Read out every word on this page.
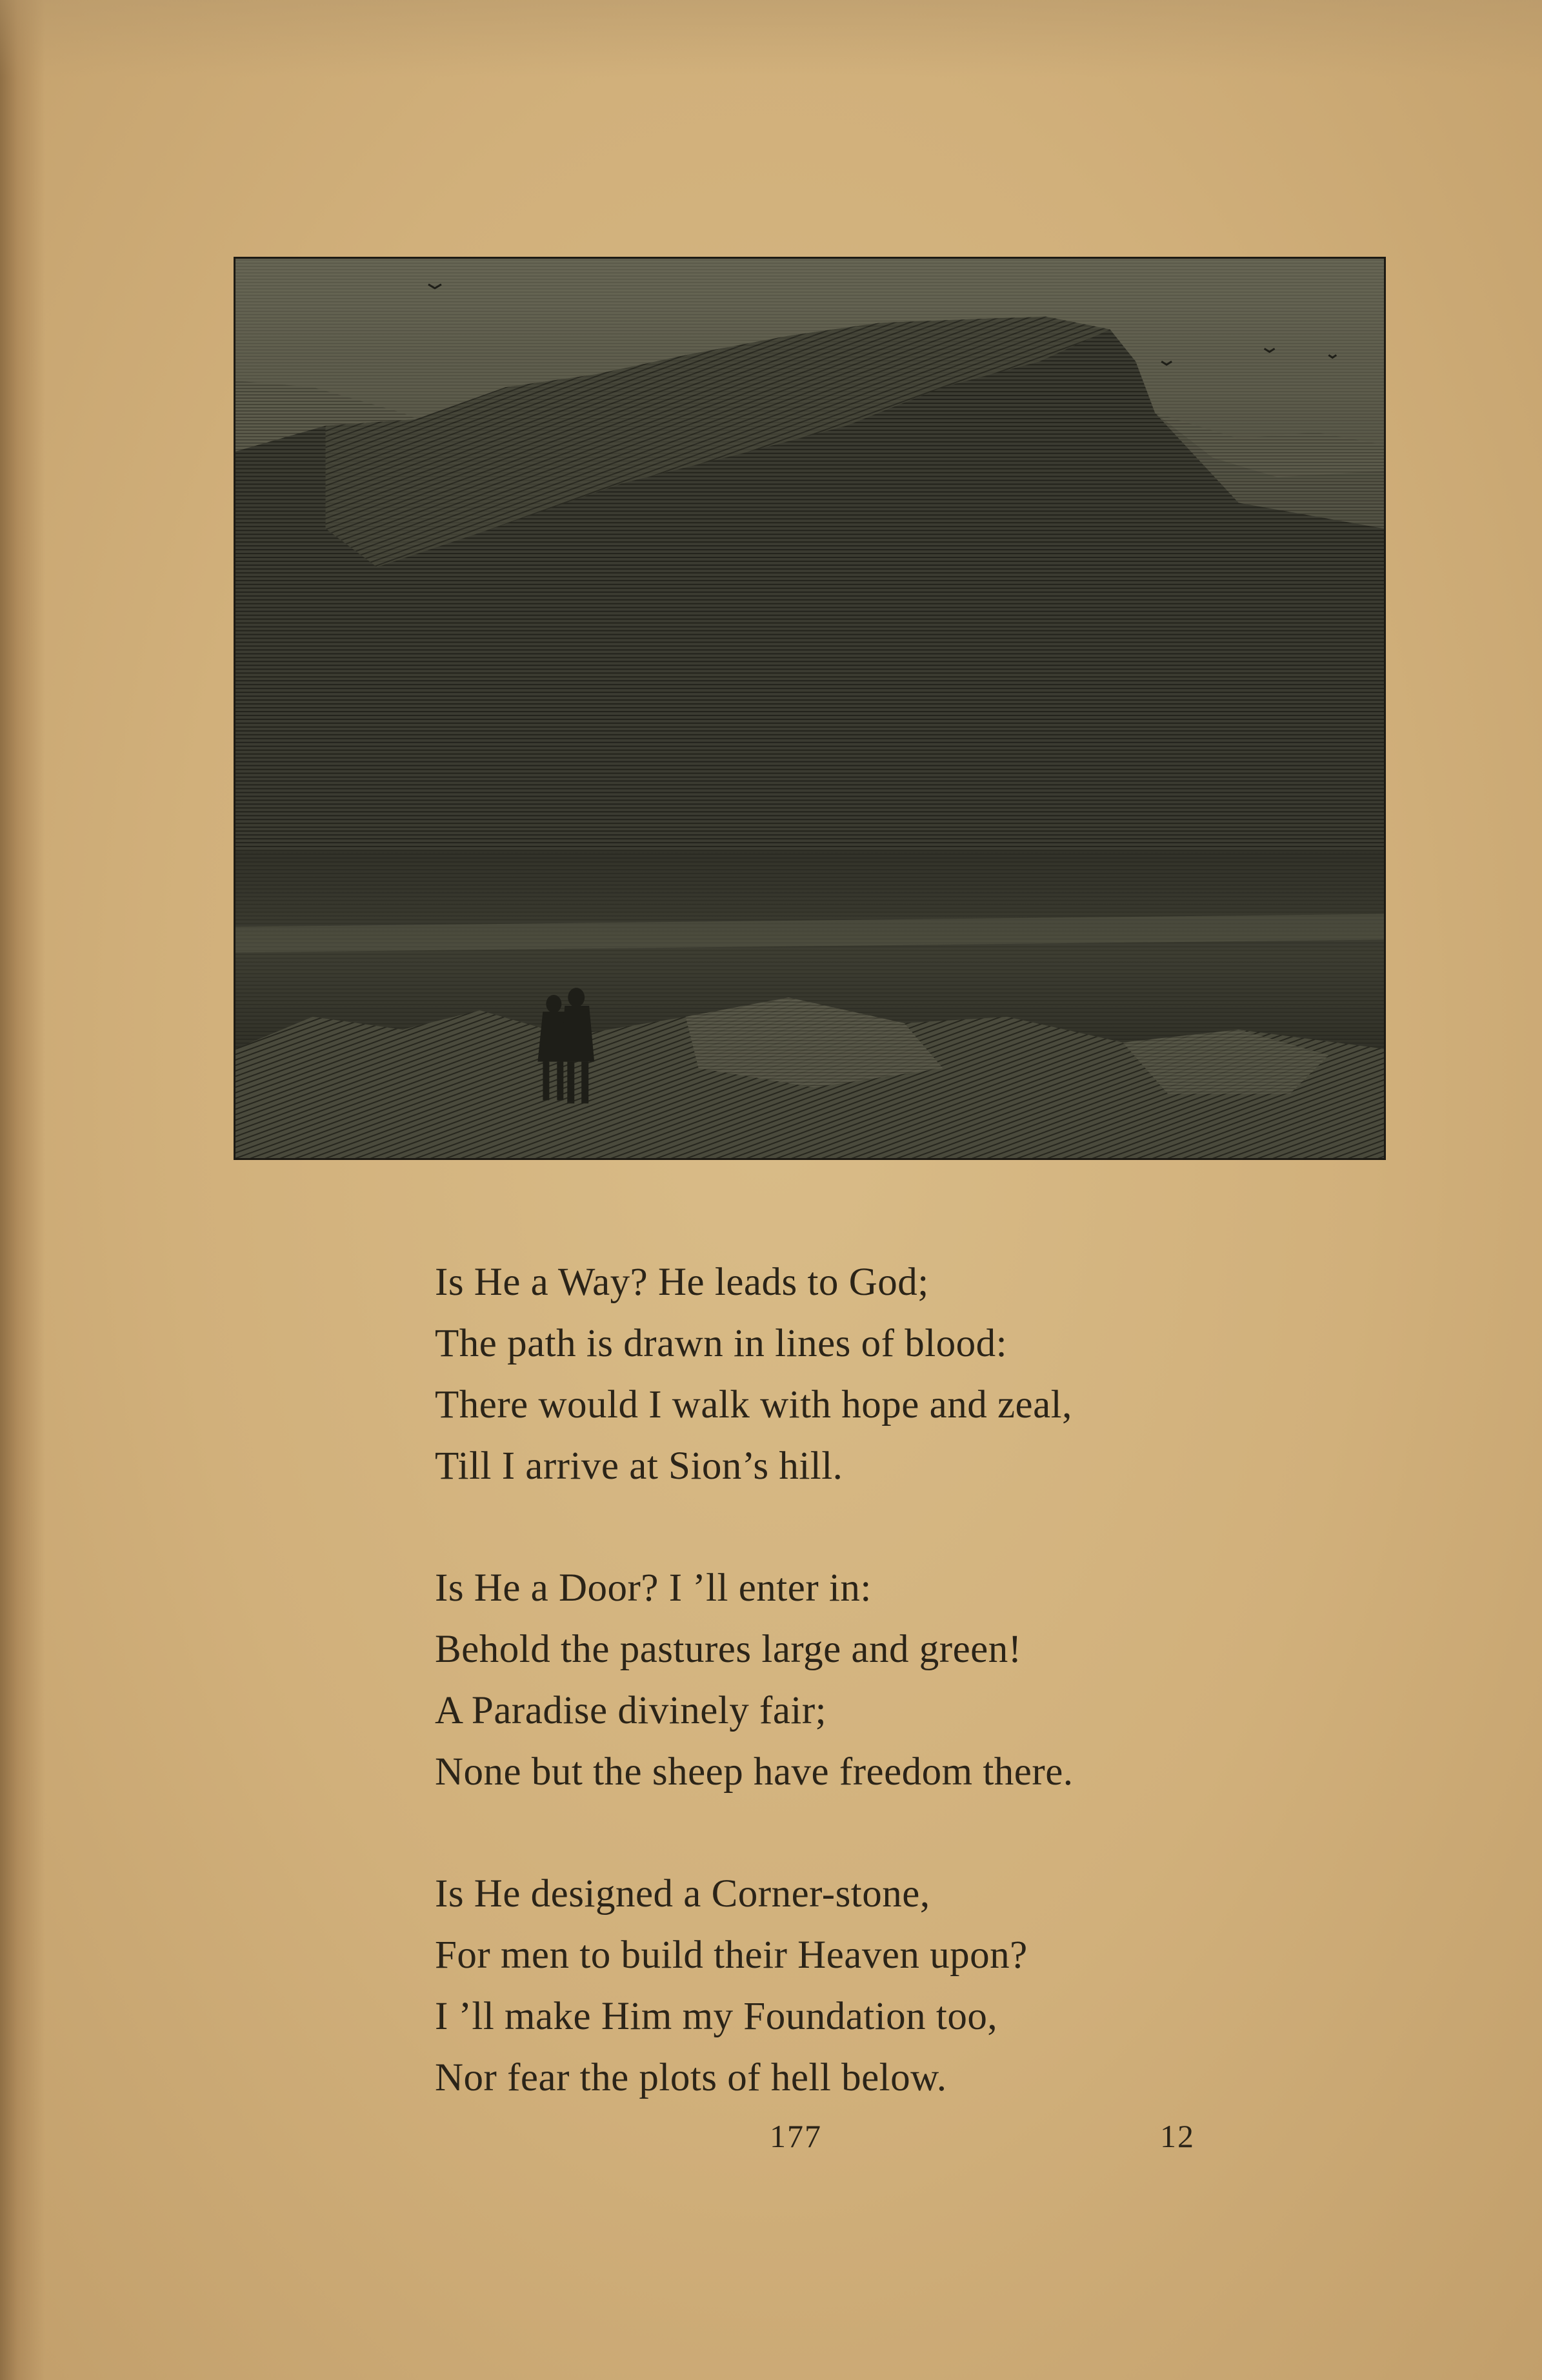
Is He a Way? He leads to God;
The path is drawn in lines of blood:
There would I walk with hope and zeal,
Till I arrive at Sion’s hill.
Is He a Door? I ’ll enter in:
Behold the pastures large and green!
A Paradise divinely fair;
None but the sheep have freedom there.
Is He designed a Corner-stone,
For men to build their Heaven upon?
I ’ll make Him my Foundation too,
Nor fear the plots of hell below.
177	12
